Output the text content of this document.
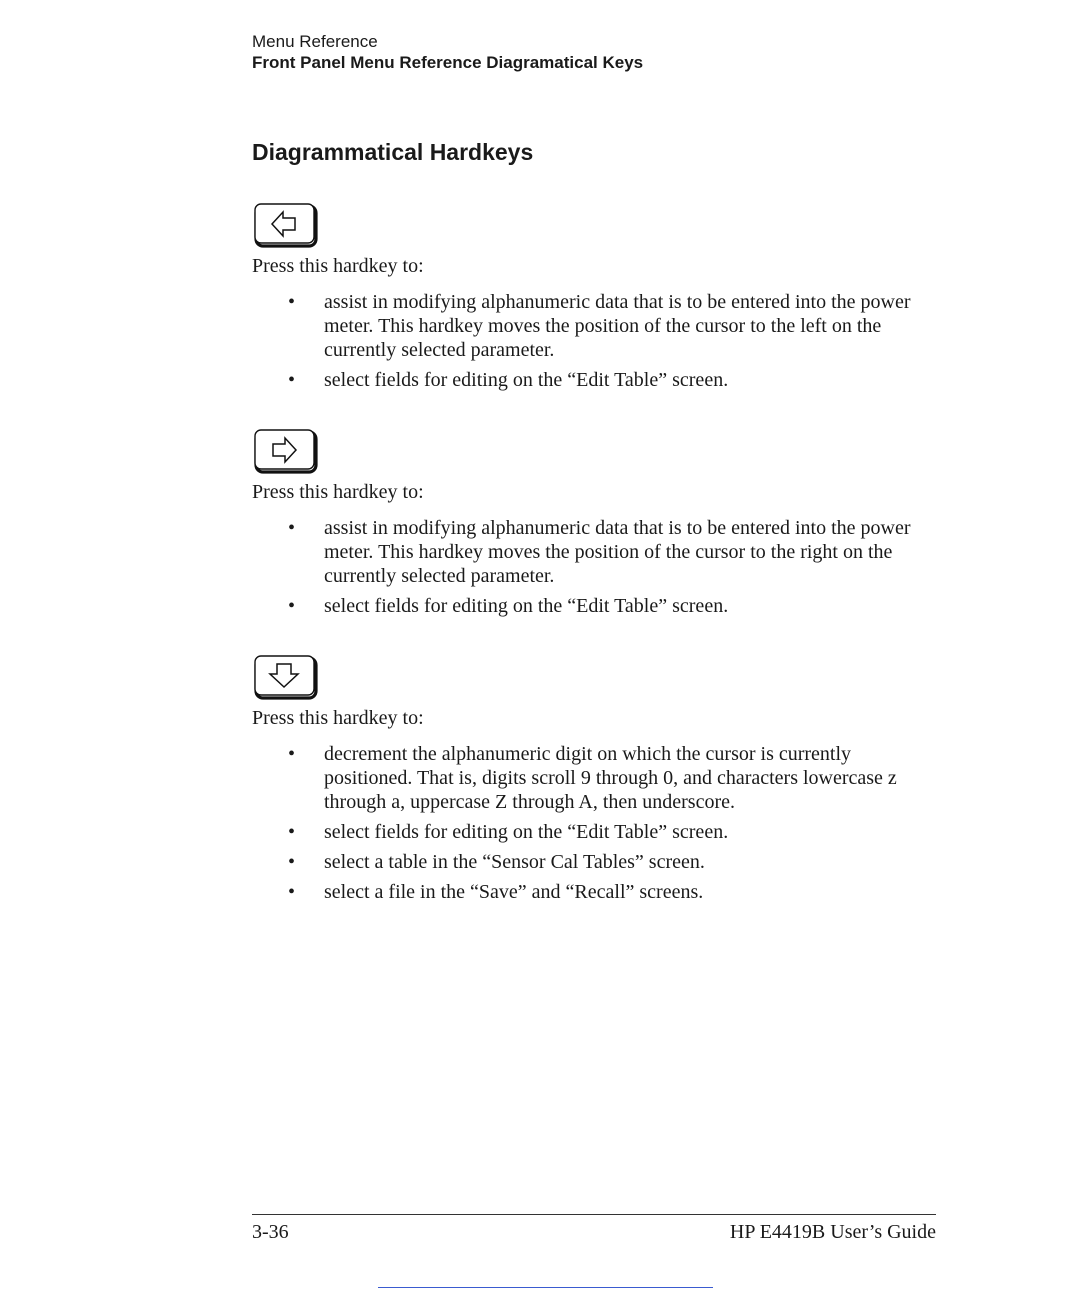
Menu Reference
Front Panel Menu Reference Diagramatical Keys
Diagrammatical Hardkeys

Press this hardkey to:

• assist in modifying alphanumeric data that is to be entered into the power meter. This hardkey moves the position of the cursor to the left on the currently selected parameter.
• select fields for editing on the “Edit Table” screen.

Press this hardkey to:

• assist in modifying alphanumeric data that is to be entered into the power meter. This hardkey moves the position of the cursor to the right on the currently selected parameter.
• select fields for editing on the “Edit Table” screen.

Press this hardkey to:

• decrement the alphanumeric digit on which the cursor is currently positioned. That is, digits scroll 9 through 0, and characters lowercase z through a, uppercase Z through A, then underscore.
• select fields for editing on the “Edit Table” screen.
• select a table in the “Sensor Cal Tables” screen.
• select a file in the “Save” and “Recall” screens.
3-36	HP E4419B User’s Guide
